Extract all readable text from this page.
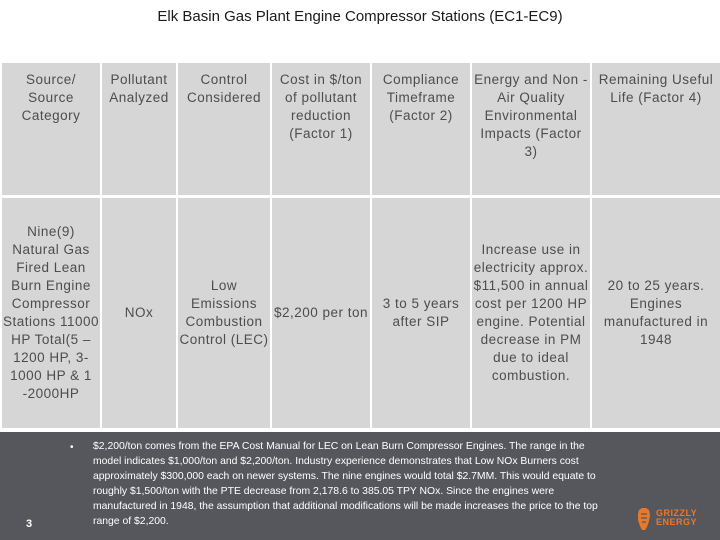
Elk Basin Gas Plant Engine Compressor Stations (EC1-EC9)
Source/ Source Category	Pollutant Analyzed	Control Considered	Cost in $/ton of pollutant reduction (Factor 1)	Compliance Timeframe (Factor 2)	Energy and Non -Air Quality Environmental Impacts (Factor 3)	Remaining Useful Life (Factor 4)
Nine(9) Natural Gas Fired Lean Burn Engine Compressor Stations 11000 HP Total(5 – 1200 HP, 3-1000 HP & 1 -2000HP	NOx	Low Emissions Combustion Control (LEC)	$2,200 per ton	3 to 5 years after SIP	Increase use in electricity approx. $11,500 in annual cost per 1200 HP engine. Potential decrease in PM due to ideal combustion.	20 to 25 years. Engines manufactured in 1948
• $2,200/ton comes from the EPA Cost Manual for LEC on Lean Burn Compressor Engines. The range in the model indicates $1,000/ton and $2,200/ton. Industry experience demonstrates that Low NOx Burners cost approximately $300,000 each on newer systems. The nine engines would total $2.7MM. This would equate to roughly $1,500/ton with the PTE decrease from 2,178.6 to 385.05 TPY NOx. Since the engines were manufactured in 1948, the assumption that additional modifications will be made increases the price to the top range of $2,200.
3
GRIZZLY
ENERGY
